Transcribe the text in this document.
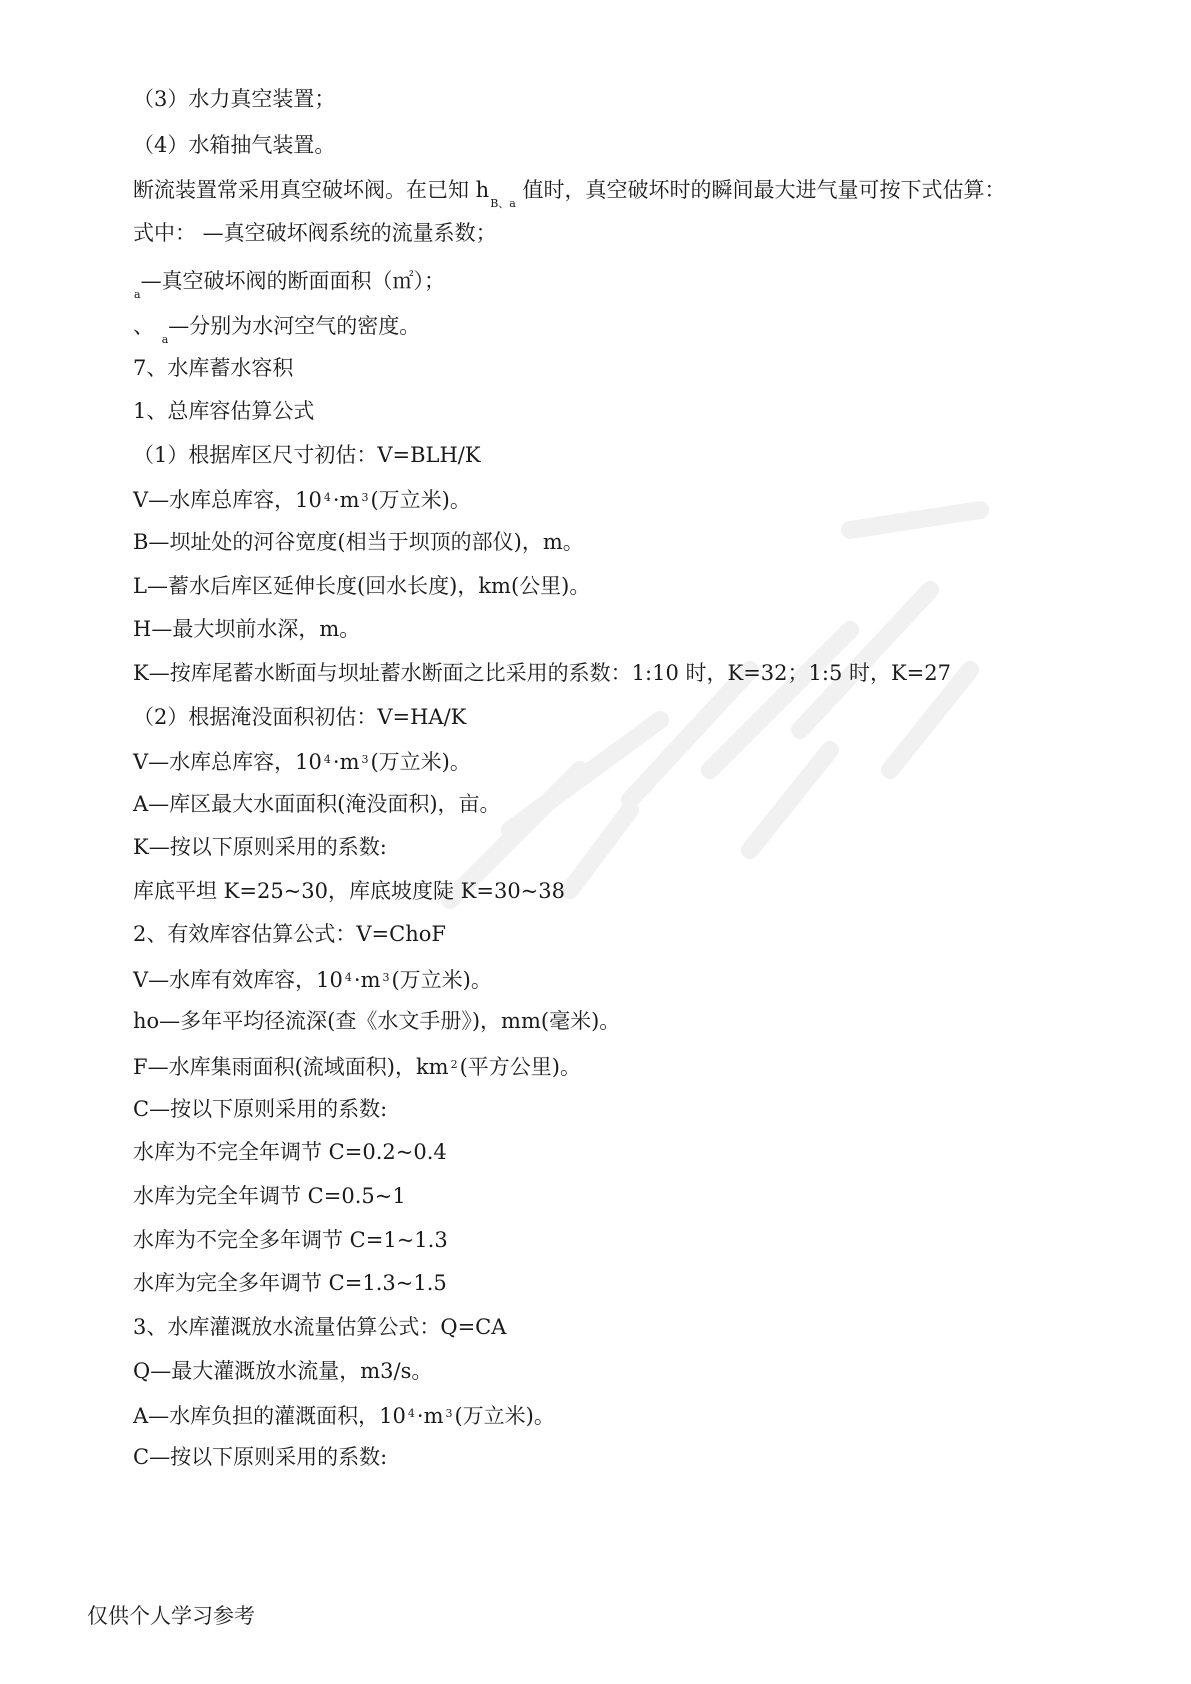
（3）水力真空装置；
（4）水箱抽气装置。
断流装置常采用真空破坏阀。在已知 $h_{B、a}$ 值时，真空破坏时的瞬间最大进气量可按下式估算：
式中： —真空破坏阀系统的流量系数；
$_a$—真空破坏阀的断面面积（㎡）；
、 $_a$—分别为水河空气的密度。
7、水库蓄水容积
1、总库容估算公式
（1）根据库区尺寸初估：V=BLH/K
V—水库总库容，10 $^4$·m $^3$(万立米)。
B—坝址处的河谷宽度(相当于坝顶的部仪)，m。
L—蓄水后库区延伸长度(回水长度)，km(公里)。
H—最大坝前水深，m。
K—按库尾蓄水断面与坝址蓄水断面之比采用的系数：1:10 时，K=32；1:5 时，K=27
（2）根据淹没面积初估：V=HA/K
V—水库总库容，10 $^4$·m $^3$(万立米)。
A—库区最大水面面积(淹没面积)，亩。
K—按以下原则采用的系数:
库底平坦 K=25~30，库底坡度陡 K=30~38
2、有效库容估算公式：V=ChoF
V—水库有效库容，10 $^4$·m $^3$(万立米)。
ho—多年平均径流深(查《水文手册》)，mm(毫米)。
F—水库集雨面积(流域面积)，km $^2$(平方公里)。
C—按以下原则采用的系数:
水库为不完全年调节 C=0.2~0.4
水库为完全年调节 C=0.5~1
水库为不完全多年调节 C=1~1.3
水库为完全多年调节 C=1.3~1.5
3、水库灌溉放水流量估算公式：Q=CA
Q—最大灌溉放水流量，m3/s。
A—水库负担的灌溉面积，10 $^4$·m $^3$(万立米)。
C—按以下原则采用的系数:
仅供个人学习参考
